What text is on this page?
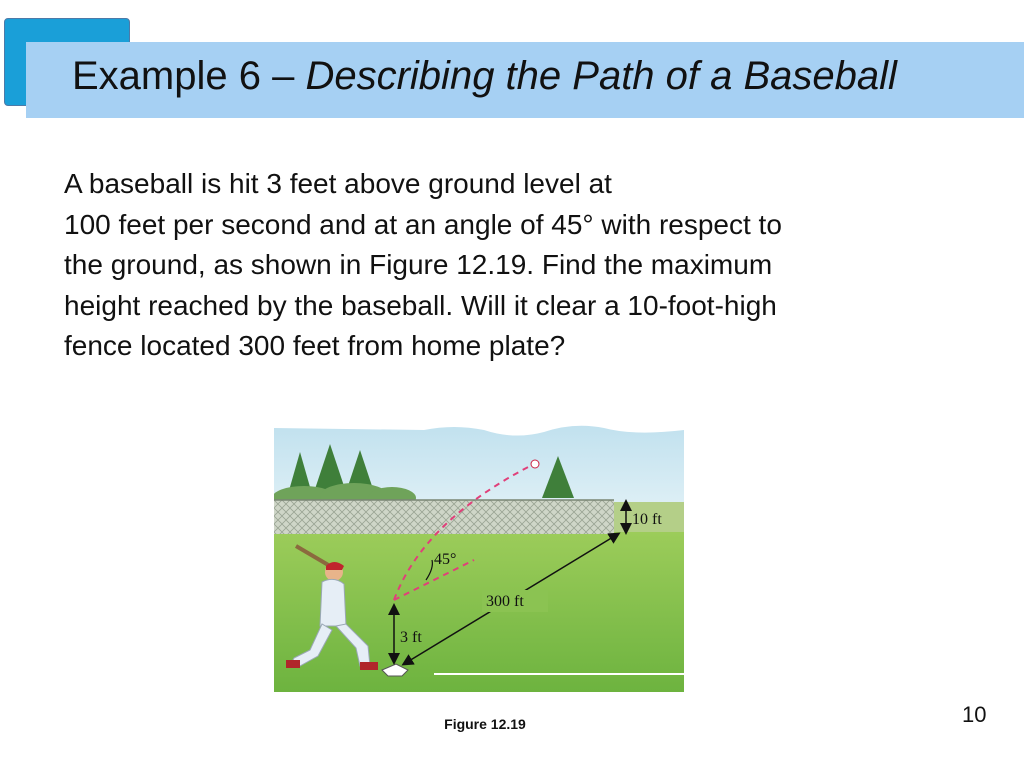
Example 6 – Describing the Path of a Baseball
A baseball is hit 3 feet above ground level at
100 feet per second and at an angle of 45° with respect to
the ground, as shown in Figure 12.19. Find the maximum
height reached by the baseball. Will it clear a 10-foot-high
fence located 300 feet from home plate?
3 ft
45°
300 ft
10 ft
Figure 12.19	10
